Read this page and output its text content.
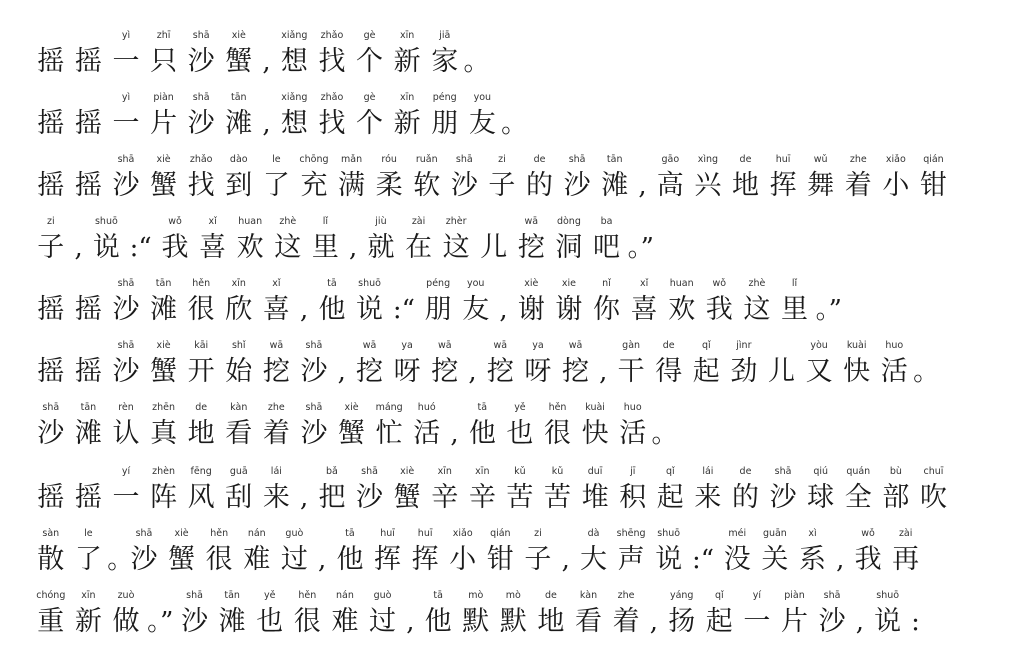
摇 摇
yì
一
zhī
只
shā
沙
xiè
蟹 ,
xiǎng
想
zhǎo
找
gè
个
xīn
新
jiā
家 。
摇 摇
yì
一
piàn
片
shā
沙
tān
滩 ,
xiǎng
想
zhǎo
找
gè
个
xīn
新
péng
朋
you
友 。
摇 摇
shā
沙
xiè
蟹
zhǎo
找
dào
到
le
了
chōng
充
mǎn
满
róu
柔
ruǎn
软
shā
沙
zi
子
de
的
shā
沙
tān
滩 ,
gāo
高
xìng
兴
de
地
huī
挥
wǔ
舞
zhe
着
xiǎo
小
qián
钳
zi
子 ,
shuō
说 :“
wǒ
我
xǐ
喜
huan
欢
zhè
这
lǐ
里 ,
jiù
就
zài
在
zhèr
这 儿
wā
挖
dòng
洞
ba
吧 。”
摇 摇
shā
沙
tān
滩
hěn
很
xīn
欣
xǐ
喜 ,
tā
他
shuō
说 :“
péng
朋
you
友 ,
xiè
谢
xie
谢
nǐ
你
xǐ
喜
huan
欢
wǒ
我
zhè
这
lǐ
里 。”
摇 摇
shā
沙
xiè
蟹
kāi
开
shǐ
始
wā
挖
shā
沙 ,
wā
挖
ya
呀
wā
挖 ,
wā
挖
ya
呀
wā
挖 ,
gàn
干
de
得
qǐ
起
jìnr
劲 儿
yòu
又
kuài
快
huo
活 。
shā
沙
tān
滩
rèn
认
zhēn
真
de
地
kàn
看
zhe
着
shā
沙
xiè
蟹
máng
忙
huó
活 ,
tā
他
yě
也
hěn
很
kuài
快
huo
活 。
摇 摇
yí
一
zhèn
阵
fēng
风
guā
刮
lái
来 ,
bǎ
把
shā
沙
xiè
蟹
xīn
辛
xīn
辛
kǔ
苦
kǔ
苦
duī
堆
jī
积
qǐ
起
lái
来
de
的
shā
沙
qiú
球
quán
全
bù
部
chuī
吹
sàn
散
le
了 。
shā
沙
xiè
蟹
hěn
很
nán
难
guò
过 ,
tā
他
huī
挥
huī
挥
xiǎo
小
qián
钳
zi
子 ,
dà
大
shēng
声
shuō
说 :“
méi
没
guān
关
xì
系 ,
wǒ
我
zài
再
chóng
重
xīn
新
zuò
做 。”
shā
沙
tān
滩
yě
也
hěn
很
nán
难
guò
过 ,
tā
他
mò
默
mò
默
de
地
kàn
看
zhe
着 ,
yáng
扬
qǐ
起
yí
一
piàn
片
shā
沙 ,
shuō
说 :
